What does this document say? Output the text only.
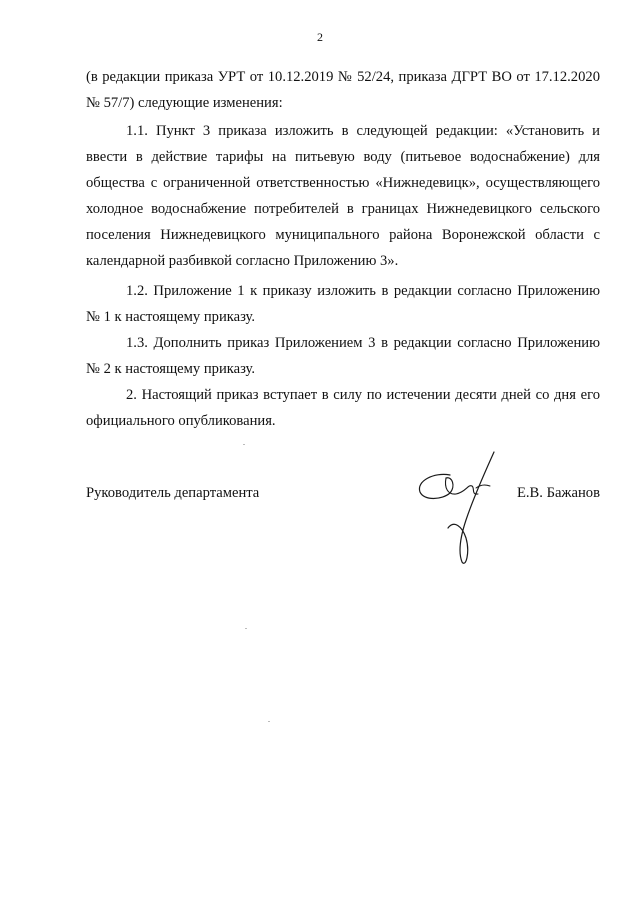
2

(в редакции приказа УРТ от 10.12.2019 № 52/24, приказа ДГРТ ВО от 17.12.2020 № 57/7) следующие изменения:

1.1. Пункт 3 приказа изложить в следующей редакции: «Установить и ввести в действие тарифы на питьевую воду (питьевое водоснабжение) для общества с ограниченной ответственностью «Нижнедевицк», осуществляющего холодное водоснабжение потребителей в границах Нижнедевицкого сельского поселения Нижнедевицкого муниципального района Воронежской области с календарной разбивкой согласно Приложению 3».

1.2. Приложение 1 к приказу изложить в редакции согласно Приложению № 1 к настоящему приказу.

1.3. Дополнить приказ Приложением 3 в редакции согласно Приложению № 2 к настоящему приказу.

2. Настоящий приказ вступает в силу по истечении десяти дней со дня его официального опубликования.

Руководитель департамента	Е.В. Бажанов
